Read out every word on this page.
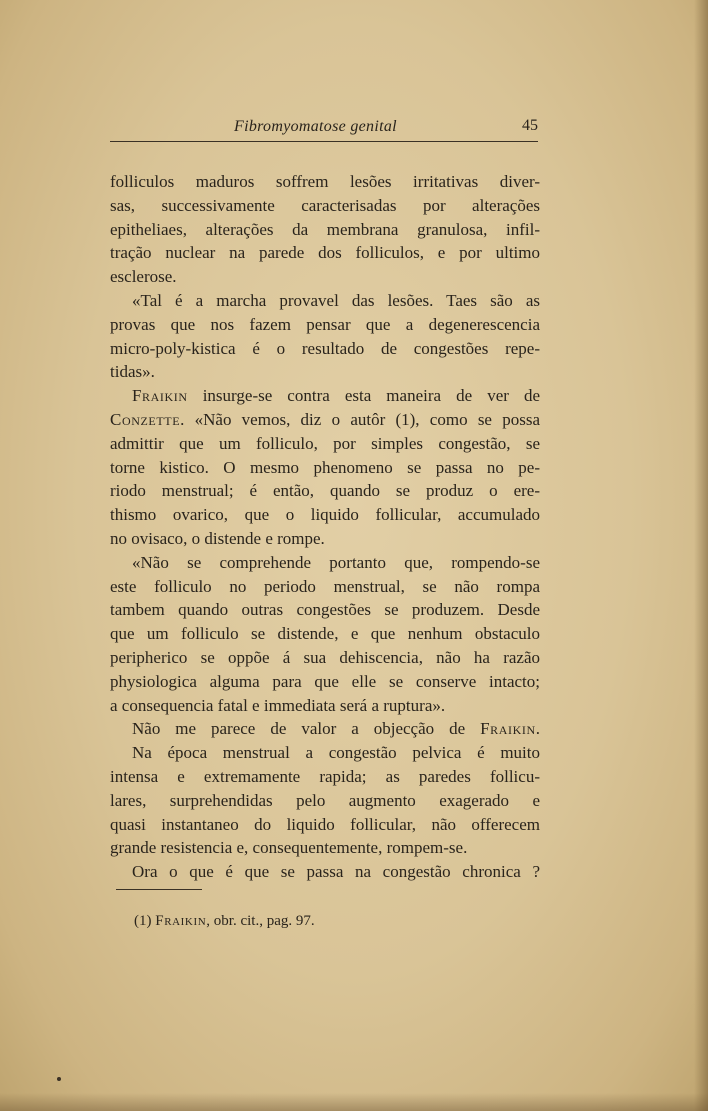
Fibromyomatose genital	45
folliculos maduros soffrem lesões irritativas diver-
sas, successivamente caracterisadas por alterações
epitheliaes, alterações da membrana granulosa, infil-
tração nuclear na parede dos folliculos, e por ultimo
esclerose.
«Tal é a marcha provavel das lesões. Taes são as
provas que nos fazem pensar que a degenerescencia
micro-poly-kistica é o resultado de congestões repe-
tidas».
Fraikin insurge-se contra esta maneira de ver de
Conzette. «Não vemos, diz o autôr (1), como se possa
admittir que um folliculo, por simples congestão, se
torne kistico. O mesmo phenomeno se passa no pe-
riodo menstrual; é então, quando se produz o ere-
thismo ovarico, que o liquido follicular, accumulado
no ovisaco, o distende e rompe.
«Não se comprehende portanto que, rompendo-se
este folliculo no periodo menstrual, se não rompa
tambem quando outras congestões se produzem. Desde
que um folliculo se distende, e que nenhum obstaculo
peripherico se oppõe á sua dehiscencia, não ha razão
physiologica alguma para que elle se conserve intacto;
a consequencia fatal e immediata será a ruptura».
Não me parece de valor a objecção de Fraikin.
Na época menstrual a congestão pelvica é muito
intensa e extremamente rapida; as paredes follicu-
lares, surprehendidas pelo augmento exagerado e
quasi instantaneo do liquido follicular, não offerecem
grande resistencia e, consequentemente, rompem-se.
Ora o que é que se passa na congestão chronica ?
(1) Fraikin, obr. cit., pag. 97.
